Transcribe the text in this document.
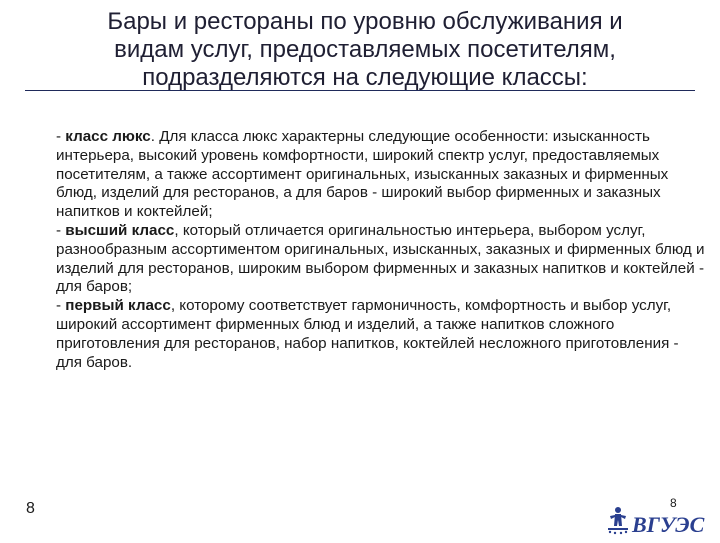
Бары и рестораны по уровню обслуживания и
видам услуг, предоставляемых посетителям,
подразделяются на следующие классы:

- класс люкс. Для класса люкс характерны следующие особенности: изысканность интерьера, высокий уровень комфортности, широкий спектр услуг, предоставляемых посетителям, а также ассортимент оригинальных, изысканных заказных и фирменных блюд, изделий для ресторанов, а для баров - широкий выбор фирменных и заказных напитков и коктейлей;

- высший класс, который отличается оригинальностью интерьера, выбором услуг, разнообразным ассортиментом оригинальных, изысканных, заказных и фирменных блюд и изделий для ресторанов, широким выбором фирменных и заказных напитков и коктейлей - для баров;

- первый класс, которому соответствует гармоничность, комфортность и выбор услуг, широкий ассортимент фирменных блюд и изделий, а также напитков сложного приготовления для ресторанов, набор напитков, коктейлей несложного приготовления - для баров.

8	8
ВГУЭС
